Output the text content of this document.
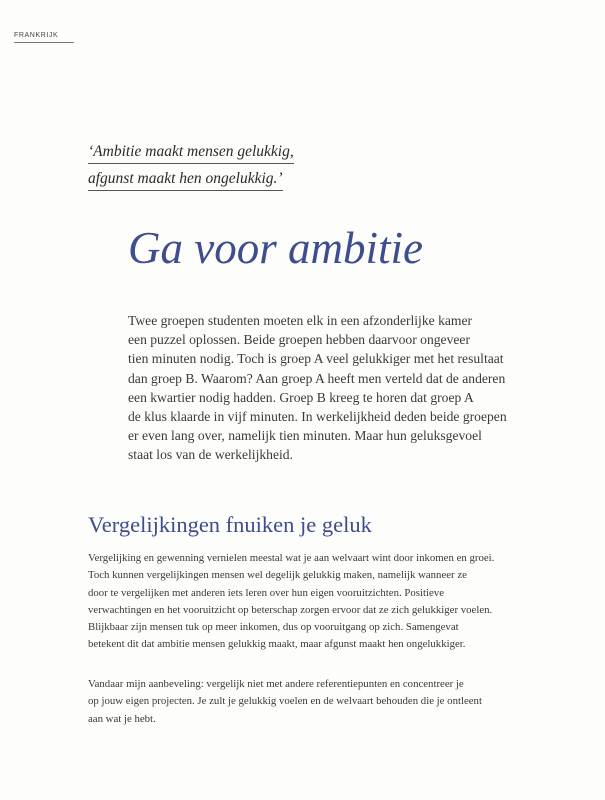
FRANKRIJK
‘Ambitie maakt mensen gelukkig,
afgunst maakt hen ongelukkig.’
Ga voor ambitie

Twee groepen studenten moeten elk in een afzonderlijke kamer
een puzzel oplossen. Beide groepen hebben daarvoor ongeveer
tien minuten nodig. Toch is groep A veel gelukkiger met het resultaat
dan groep B. Waarom? Aan groep A heeft men verteld dat de anderen
een kwartier nodig hadden. Groep B kreeg te horen dat groep A
de klus klaarde in vijf minuten. In werkelijkheid deden beide groepen
er even lang over, namelijk tien minuten. Maar hun geluksgevoel
staat los van de werkelijkheid.

Vergelijkingen fnuiken je geluk

Vergelijking en gewenning vernielen meestal wat je aan welvaart wint door inkomen en groei.
Toch kunnen vergelijkingen mensen wel degelijk gelukkig maken, namelijk wanneer ze
door te vergelijken met anderen iets leren over hun eigen vooruitzichten. Positieve
verwachtingen en het vooruitzicht op beterschap zorgen ervoor dat ze zich gelukkiger voelen.
Blijkbaar zijn mensen tuk op meer inkomen, dus op vooruitgang op zich. Samengevat
betekent dit dat ambitie mensen gelukkig maakt, maar afgunst maakt hen ongelukkiger.

Vandaar mijn aanbeveling: vergelijk niet met andere referentiepunten en concentreer je
op jouw eigen projecten. Je zult je gelukkig voelen en de welvaart behouden die je ontleent
aan wat je hebt.
